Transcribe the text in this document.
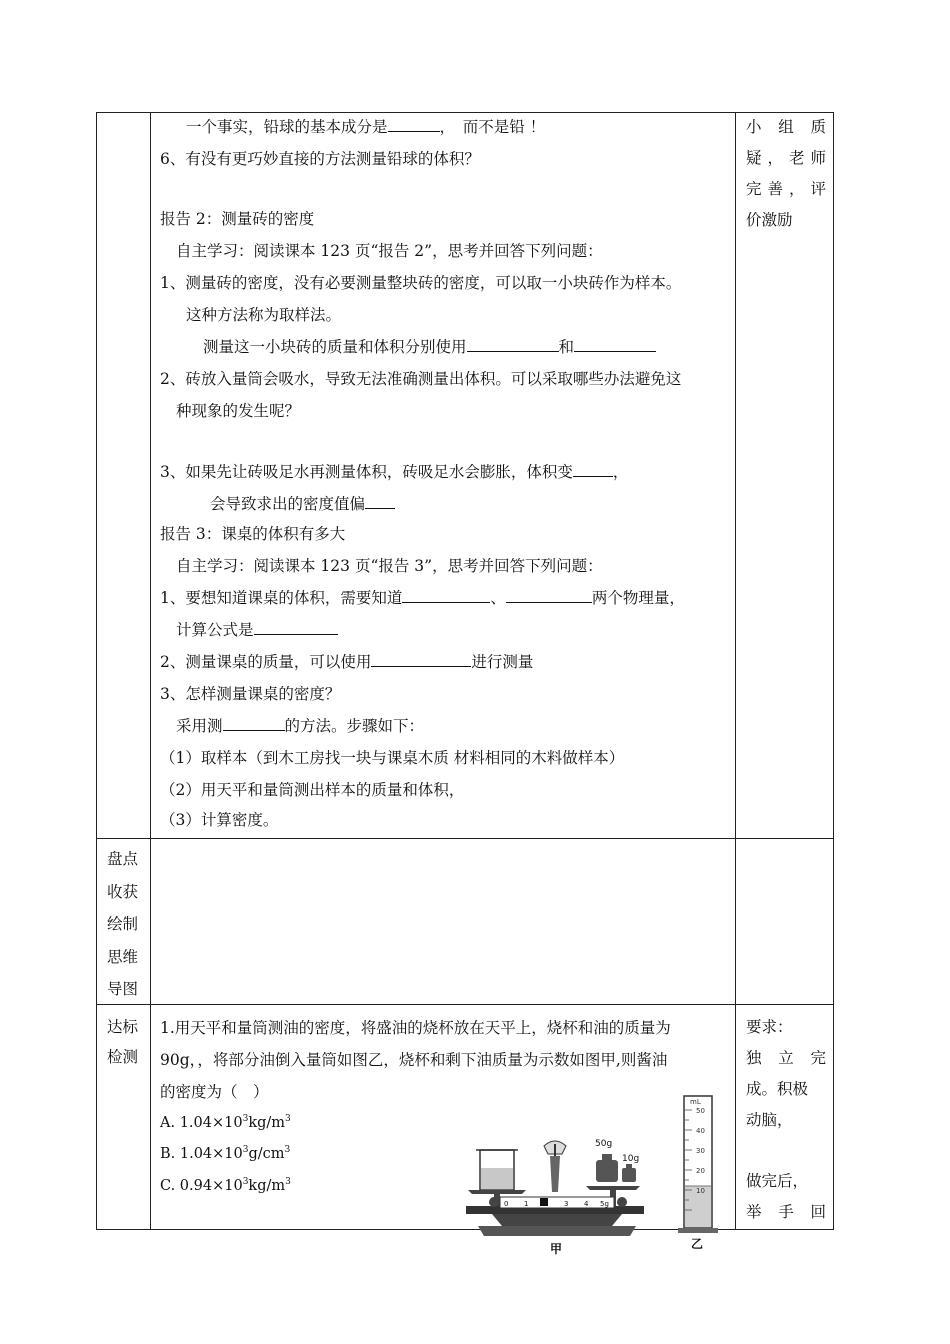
一个事实，铅球的基本成分是	，　而不是铅 ！
6、有没有更巧妙直接的方法测量铅球的体积？
报告 2：测量砖的密度
自主学习：阅读课本 123 页“报告 2”，思考并回答下列问题：
1、测量砖的密度，没有必要测量整块砖的密度，可以取一小块砖作为样本。
这种方法称为取样法。
测量这一小块砖的质量和体积分别使用	和
2、砖放入量筒会吸水，导致无法准确测量出体积。可以采取哪些办法避免这
种现象的发生呢？
3、如果先让砖吸足水再测量体积，砖吸足水会膨胀，体积变	，
会导致求出的密度值偏
报告 3：课桌的体积有多大
自主学习：阅读课本 123 页“报告 3”，思考并回答下列问题：
1、要想知道课桌的体积，需要知道	、	两个物理量，
计算公式是
2、测量课桌的质量，可以使用	进行测量
3、怎样测量课桌的密度？
采用测	的方法。步骤如下：
（1）取样本（到木工房找一块与课桌木质 材料相同的木料做样本）
（2）用天平和量筒测出样本的质量和体积，
（3）计算密度。
小 组 质
疑 ， 老 师
完 善 ， 评
价激励
盘点
收获
绘制
思维
导图
达标
检测
1.用天平和量筒测油的密度，将盛油的烧杯放在天平上，烧杯和油的质量为
90g，，将部分油倒入量筒如图乙，烧杯和剩下油质量为示数如图甲,则酱油
的密度为（　）
A. $1.04\times 10^3kg/m^3$
B. $1.04\times 10^3g/cm^3$
C. $0.94\times 10^3kg/m^3$
要求：
独 立 完
成。积极
动脑，
做完后，
举 手 回
50g
10g
0 1	3 4 5g
甲
mL
50
40
30
20
10
乙
